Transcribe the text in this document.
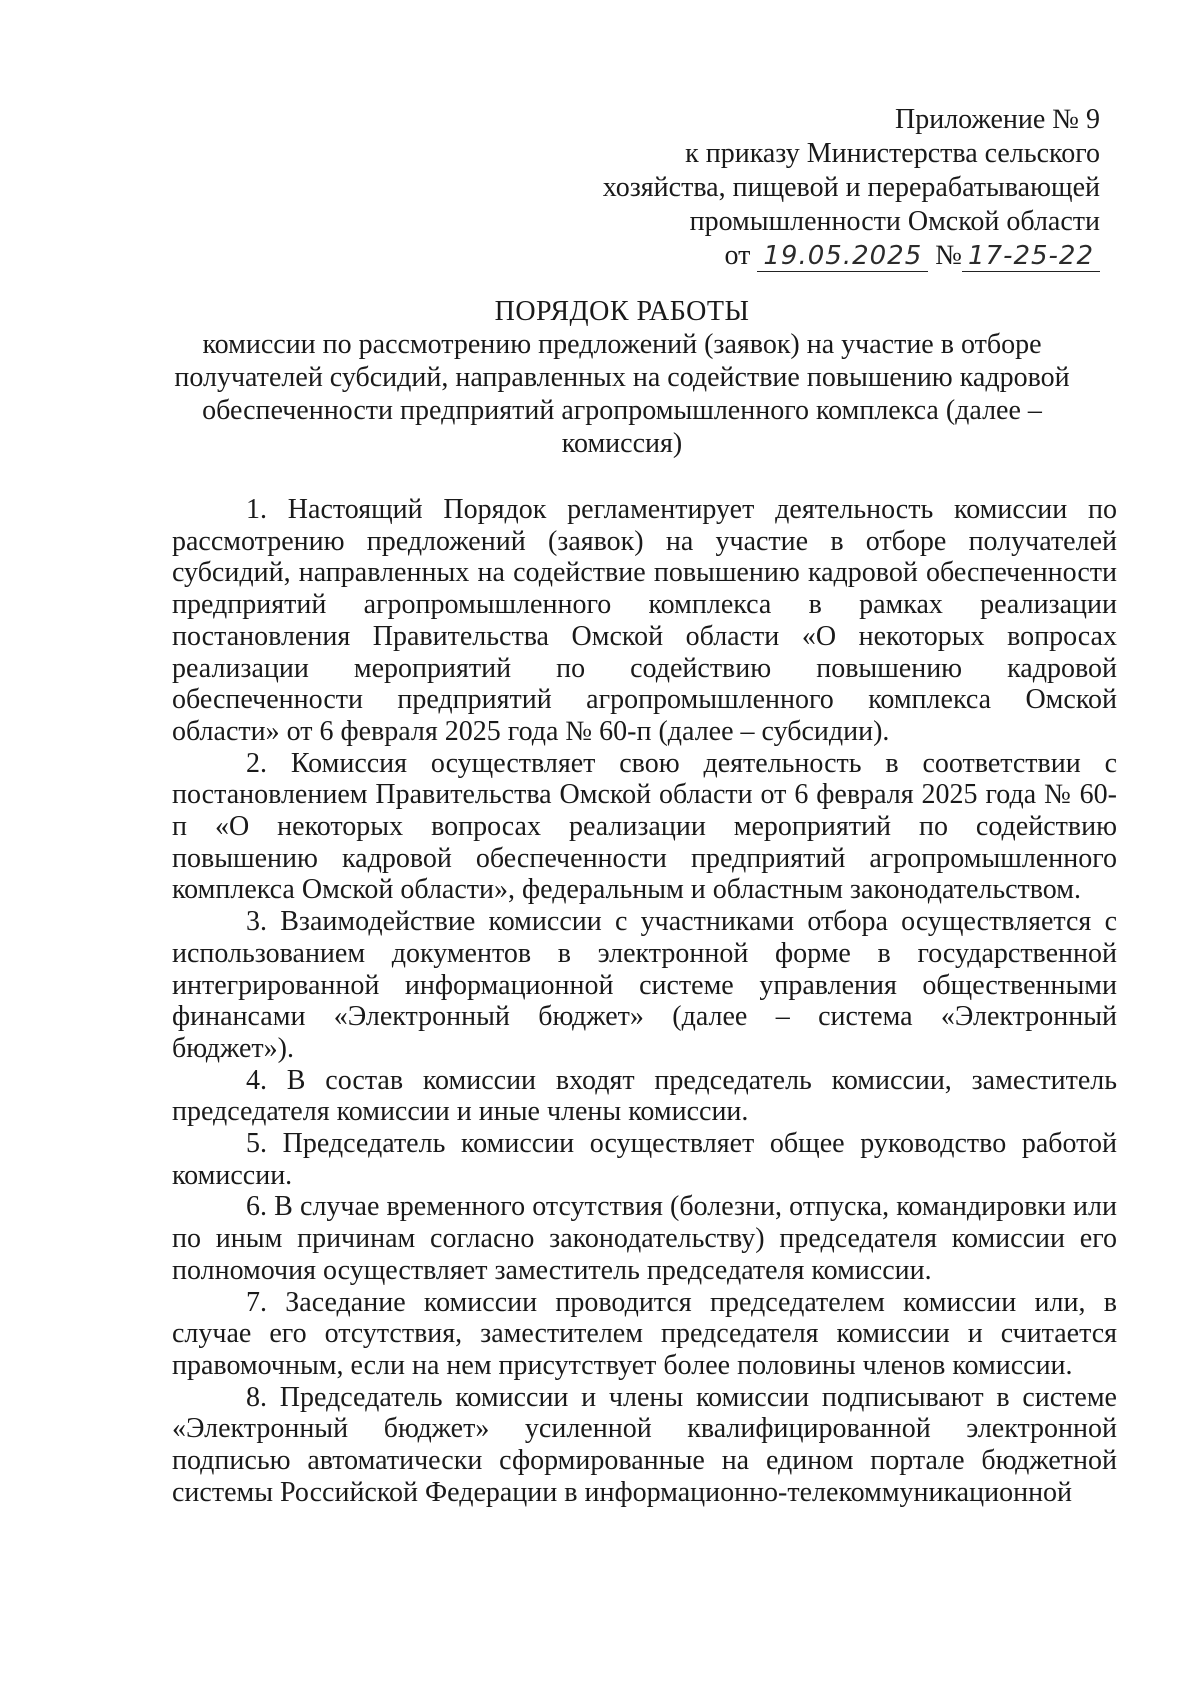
Приложение № 9
к приказу Министерства сельского
хозяйства, пищевой и перерабатывающей
промышленности Омской области
от 19.05.2025 № 17-25-22
ПОРЯДОК РАБОТЫ
комиссии по рассмотрению предложений (заявок) на участие в отборе получателей субсидий, направленных на содействие повышению кадровой обеспеченности предприятий агропромышленного комплекса (далее – комиссия)

1. Настоящий Порядок регламентирует деятельность комиссии по рассмотрению предложений (заявок) на участие в отборе получателей субсидий, направленных на содействие повышению кадровой обеспеченности предприятий агропромышленного комплекса в рамках реализации постановления Правительства Омской области «О некоторых вопросах реализации мероприятий по содействию повышению кадровой обеспеченности предприятий агропромышленного комплекса Омской области» от 6 февраля 2025 года № 60-п (далее – субсидии).

2. Комиссия осуществляет свою деятельность в соответствии с постановлением Правительства Омской области от 6 февраля 2025 года № 60-п «О некоторых вопросах реализации мероприятий по содействию повышению кадровой обеспеченности предприятий агропромышленного комплекса Омской области», федеральным и областным законодательством.

3. Взаимодействие комиссии с участниками отбора осуществляется с использованием документов в электронной форме в государственной интегрированной информационной системе управления общественными финансами «Электронный бюджет» (далее – система «Электронный бюджет»).

4. В состав комиссии входят председатель комиссии, заместитель председателя комиссии и иные члены комиссии.

5. Председатель комиссии осуществляет общее руководство работой комиссии.

6. В случае временного отсутствия (болезни, отпуска, командировки или по иным причинам согласно законодательству) председателя комиссии его полномочия осуществляет заместитель председателя комиссии.

7. Заседание комиссии проводится председателем комиссии или, в случае его отсутствия, заместителем председателя комиссии и считается правомочным, если на нем присутствует более половины членов комиссии.

8. Председатель комиссии и члены комиссии подписывают в системе «Электронный бюджет» усиленной квалифицированной электронной подписью автоматически сформированные на едином портале бюджетной системы Российской Федерации в информационно-телекоммуникационной
